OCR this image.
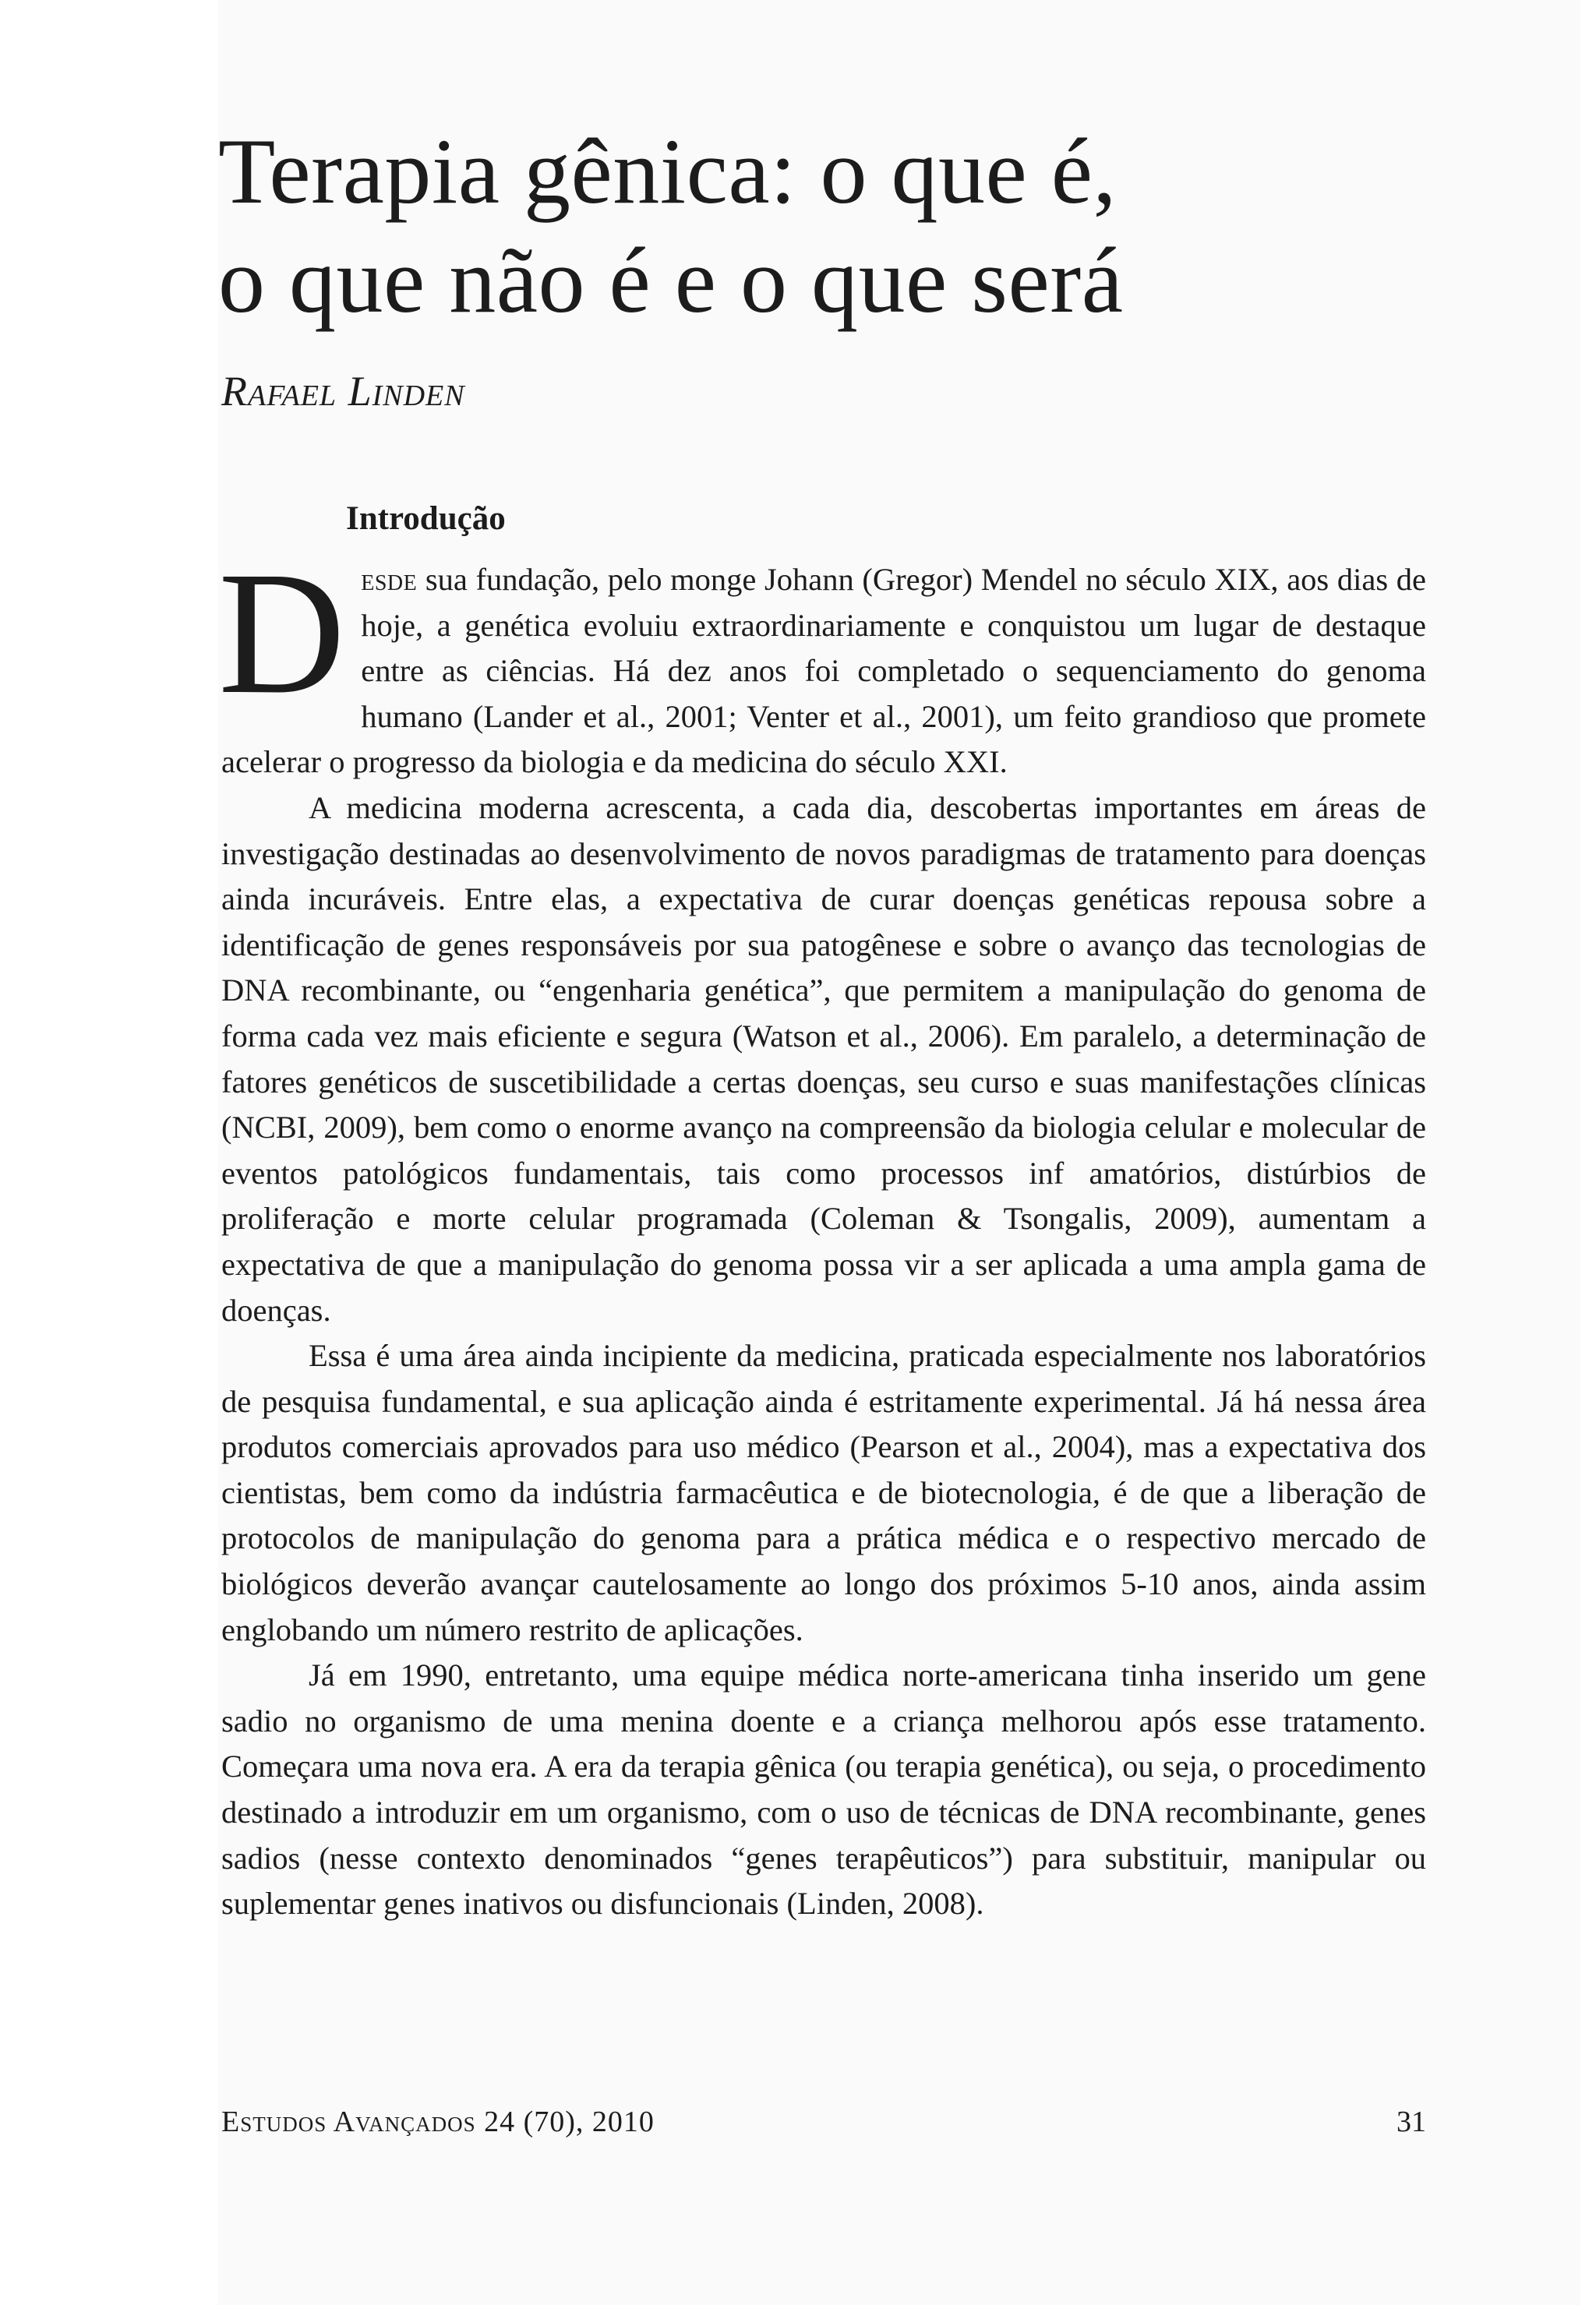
Terapia gênica: o que é,
o que não é e o que será
Rafael Linden
Introdução

Desde sua fundação, pelo monge Johann (Gregor) Mendel no século XIX, aos dias de hoje, a genética evoluiu extraordinariamente e conquistou um lugar de destaque entre as ciências. Há dez anos foi completado o sequenciamento do genoma humano (Lander et al., 2001; Venter et al., 2001), um feito grandioso que promete acelerar o progresso da biologia e da medicina do século XXI.

A medicina moderna acrescenta, a cada dia, descobertas importantes em áreas de investigação destinadas ao desenvolvimento de novos paradigmas de tratamento para doenças ainda incuráveis. Entre elas, a expectativa de curar doenças genéticas repousa sobre a identificação de genes responsáveis por sua patogênese e sobre o avanço das tecnologias de DNA recombinante, ou “engenharia genética”, que permitem a manipulação do genoma de forma cada vez mais eficiente e segura (Watson et al., 2006). Em paralelo, a determinação de fatores genéticos de suscetibilidade a certas doenças, seu curso e suas manifestações clínicas (NCBI, 2009), bem como o enorme avanço na compreensão da biologia celular e molecular de eventos patológicos fundamentais, tais como processos inf amatórios, distúrbios de proliferação e morte celular programada (Coleman & Tsongalis, 2009), aumentam a expectativa de que a manipulação do genoma possa vir a ser aplicada a uma ampla gama de doenças.

Essa é uma área ainda incipiente da medicina, praticada especialmente nos laboratórios de pesquisa fundamental, e sua aplicação ainda é estritamente experimental. Já há nessa área produtos comerciais aprovados para uso médico (Pearson et al., 2004), mas a expectativa dos cientistas, bem como da indústria farmacêutica e de biotecnologia, é de que a liberação de protocolos de manipulação do genoma para a prática médica e o respectivo mercado de biológicos deverão avançar cautelosamente ao longo dos próximos 5-10 anos, ainda assim englobando um número restrito de aplicações.

Já em 1990, entretanto, uma equipe médica norte-americana tinha inserido um gene sadio no organismo de uma menina doente e a criança melhorou após esse tratamento. Começara uma nova era. A era da terapia gênica (ou terapia genética), ou seja, o procedimento destinado a introduzir em um organismo, com o uso de técnicas de DNA recombinante, genes sadios (nesse contexto denominados “genes terapêuticos”) para substituir, manipular ou suplementar genes inativos ou disfuncionais (Linden, 2008).

Estudos Avançados 24 (70), 2010	31
